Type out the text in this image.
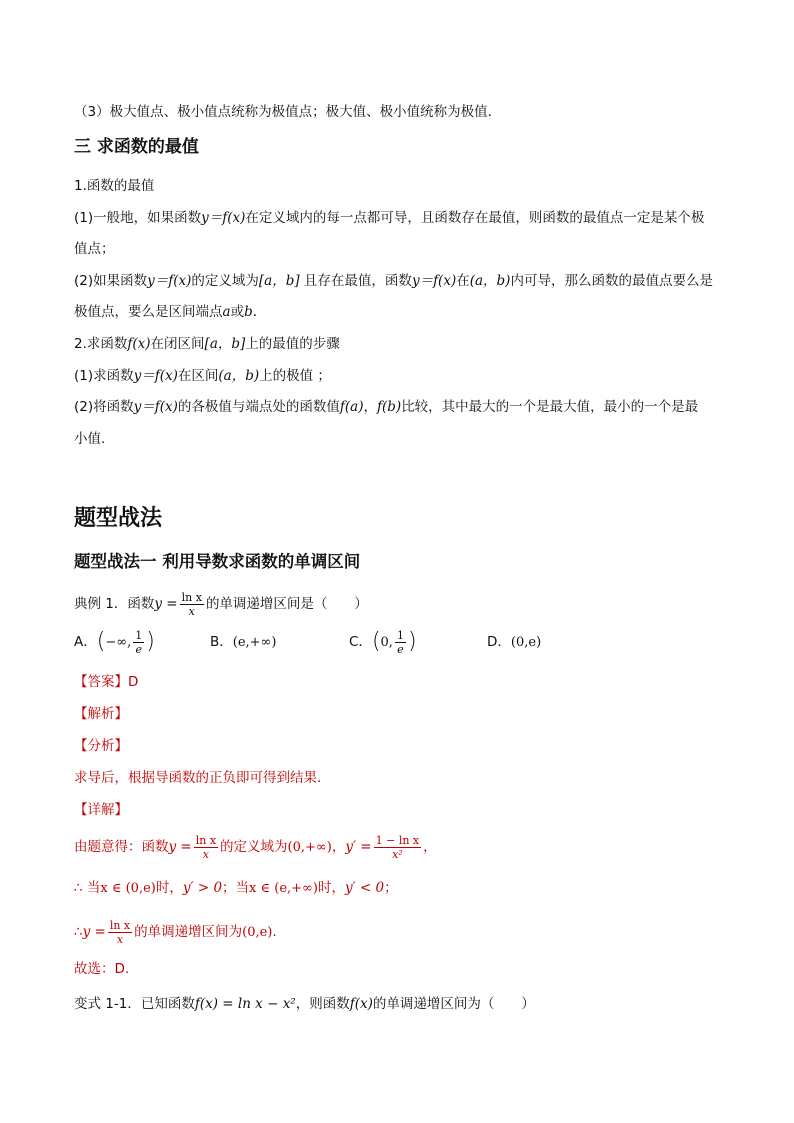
（3）极大值点、极小值点统称为极值点；极大值、极小值统称为极值．
三 求函数的最值
1.函数的最值
(1)一般地，如果函数y＝f(x)在定义域内的每一点都可导，且函数存在最值，则函数的最值点一定是某个极
值点；
(2)如果函数y＝f(x)的定义域为[a，b] 且存在最值，函数y＝f(x)在(a，b)内可导，那么函数的最值点要么是
极值点，要么是区间端点a或b.
2.求函数f(x)在闭区间[a，b]上的最值的步骤
(1)求函数y＝f(x)在区间(a，b)上的极值 ；
(2)将函数y＝f(x)的各极值与端点处的函数值f(a)，f(b)比较，其中最大的一个是最大值，最小的一个是最
小值.
题型战法
题型战法一 利用导数求函数的单调区间
典例 1．函数$y = \frac{\text{ln x}}{x}$ 的单调递增区间是（　　）
A．(−∞, $\frac{1}{e}$ )	B．(e,+∞)	C．(0, $\frac{1}{e}$ )	D．(0,e)
【答案】D
【解析】
【分析】
求导后，根据导函数的正负即可得到结果．
【详解】
由题意得：函数$y = \frac{\text{ln x}}{x}$ 的定义域为(0,+∞)，$y' = \frac{\text{1 − ln x}}{\text{x²}}$ ，
∴ 当x ∈ (0,e)时，y′ > 0；当x ∈ (e,+∞)时，y′ < 0；
∴y = $\frac{\text{ln x}}{x}$ 的单调递增区间为(0,e).
故选：D.
变式 1-1．已知函数f(x) = ln x − x²，则函数f(x)的单调递增区间为（　　）
